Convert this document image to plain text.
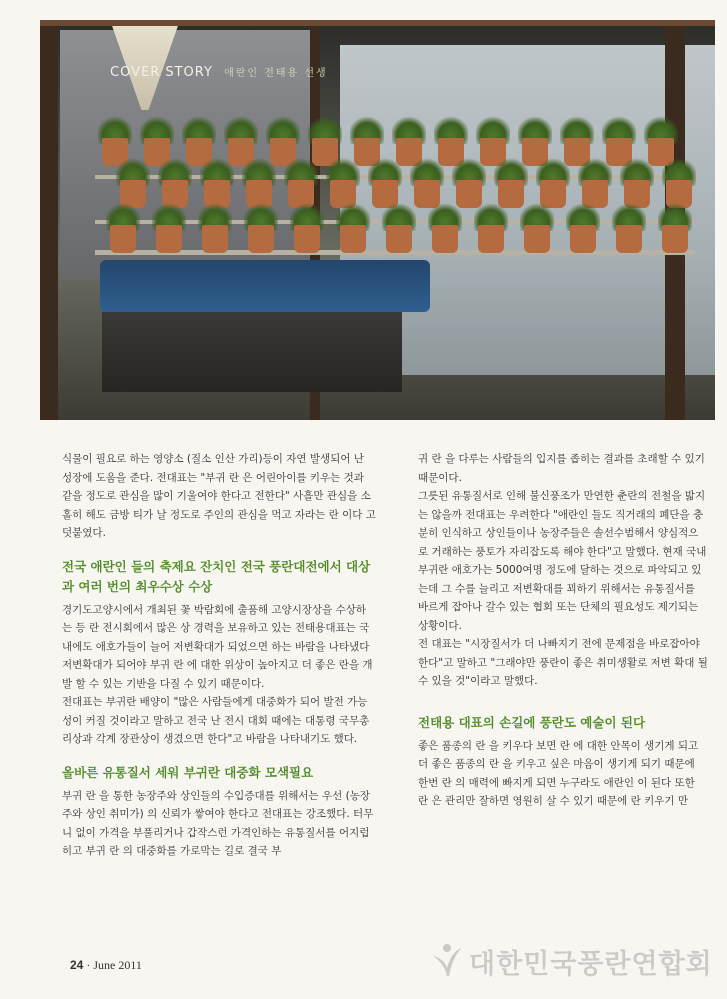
COVER STORY 애란인 전태용 선생

식물이 필요로 하는 영양소 (질소 인산 가리)등이 자연 발생되어 난 성장에 도움을 준다. 전대표는 "부귀 란 은 어린아이를 키우는 것과 같을 정도로 관심을 많이 기울여야 한다고 전한다" 사흘만 관심을 소홀히 해도 금방 티가 날 정도로 주인의 관심을 먹고 자라는 란 이다 고 덧붙였다.

전국 애란인 들의 축제요 잔치인 전국 풍란대전에서 대상과 여러 번의 최우수상 수상

경기도고양시에서 개최된 꽃 박람회에 출품해 고양시장상을 수상하는 등 란 전시회에서 많은 상 경력을 보유하고 있는 전태용대표는 국내에도 애호가들이 늘어 저변확대가 되었으면 하는 바람을 나타냈다 저변확대가 되어야 부귀 란 에 대한 위상이 높아지고 더 좋은 란을 개발 할 수 있는 기반을 다질 수 있기 때문이다.

전대표는 부귀란 배양이 "많은 사람들에게 대중화가 되어 발전 가능성이 커질 것이라고 말하고 전국 난 전시 대회 때에는 대통령 국무총리상과 각계 장관상이 생겼으면 한다"고 바람을 나타내기도 했다.

올바른 유통질서 세워 부귀란 대중화 모색필요

부귀 란 을 통한 농장주와 상인들의 수입증대를 위해서는 우선 (농장주와 상인 취미가) 의 신뢰가 쌓여야 한다고 전대표는 강조했다. 터무니 없이 가격을 부풀리거나 갑작스런 가격인하는 유통질서를 어지럽히고 부귀 란 의 대중화를 가로막는 길로 결국 부

귀 란 을 다루는 사람들의 입지를 좁히는 결과를 초래할 수 있기 때문이다.

그릇된 유통질서로 인해 불신풍조가 만연한 춘란의 전철을 밟지는 않을까 전대표는 우려한다 "애란인 들도 직거래의 폐단을 충분히 인식하고 상인들이나 농장주들은 솔선수범해서 양심적으로 거래하는 풍토가 자리잡도록 해야 한다"고 말했다. 현재 국내 부귀란 애호가는 5000여명 정도에 달하는 것으로 파악되고 있는데 그 수를 늘리고 저변확대를 꾀하기 위해서는 유통질서를 바르게 잡아나 갈수 있는 협회 또는 단체의 필요성도 제기되는 상황이다.

전 대표는 "시장질서가 더 나빠지기 전에 문제점을 바로잡아야 한다"고 말하고 "그래야만 풍란이 좋은 취미생활로 저변 확대 될 수 있을 것"이라고 말했다.

전태용 대표의 손길에 풍란도 예술이 된다

좋은 품종의 란 을 키우다 보면 란 에 대한 안목이 생기게 되고 더 좋은 품종의 란 을 키우고 싶은 마음이 생기게 되기 때문에 한번 란 의 매력에 빠지게 되면 누구라도 애란인 이 된다 또한 란 은 관리만 잘하면 영원히 살 수 있기 때문에 란 키우기 만

24 · June 2011	대한민국풍란연합회
